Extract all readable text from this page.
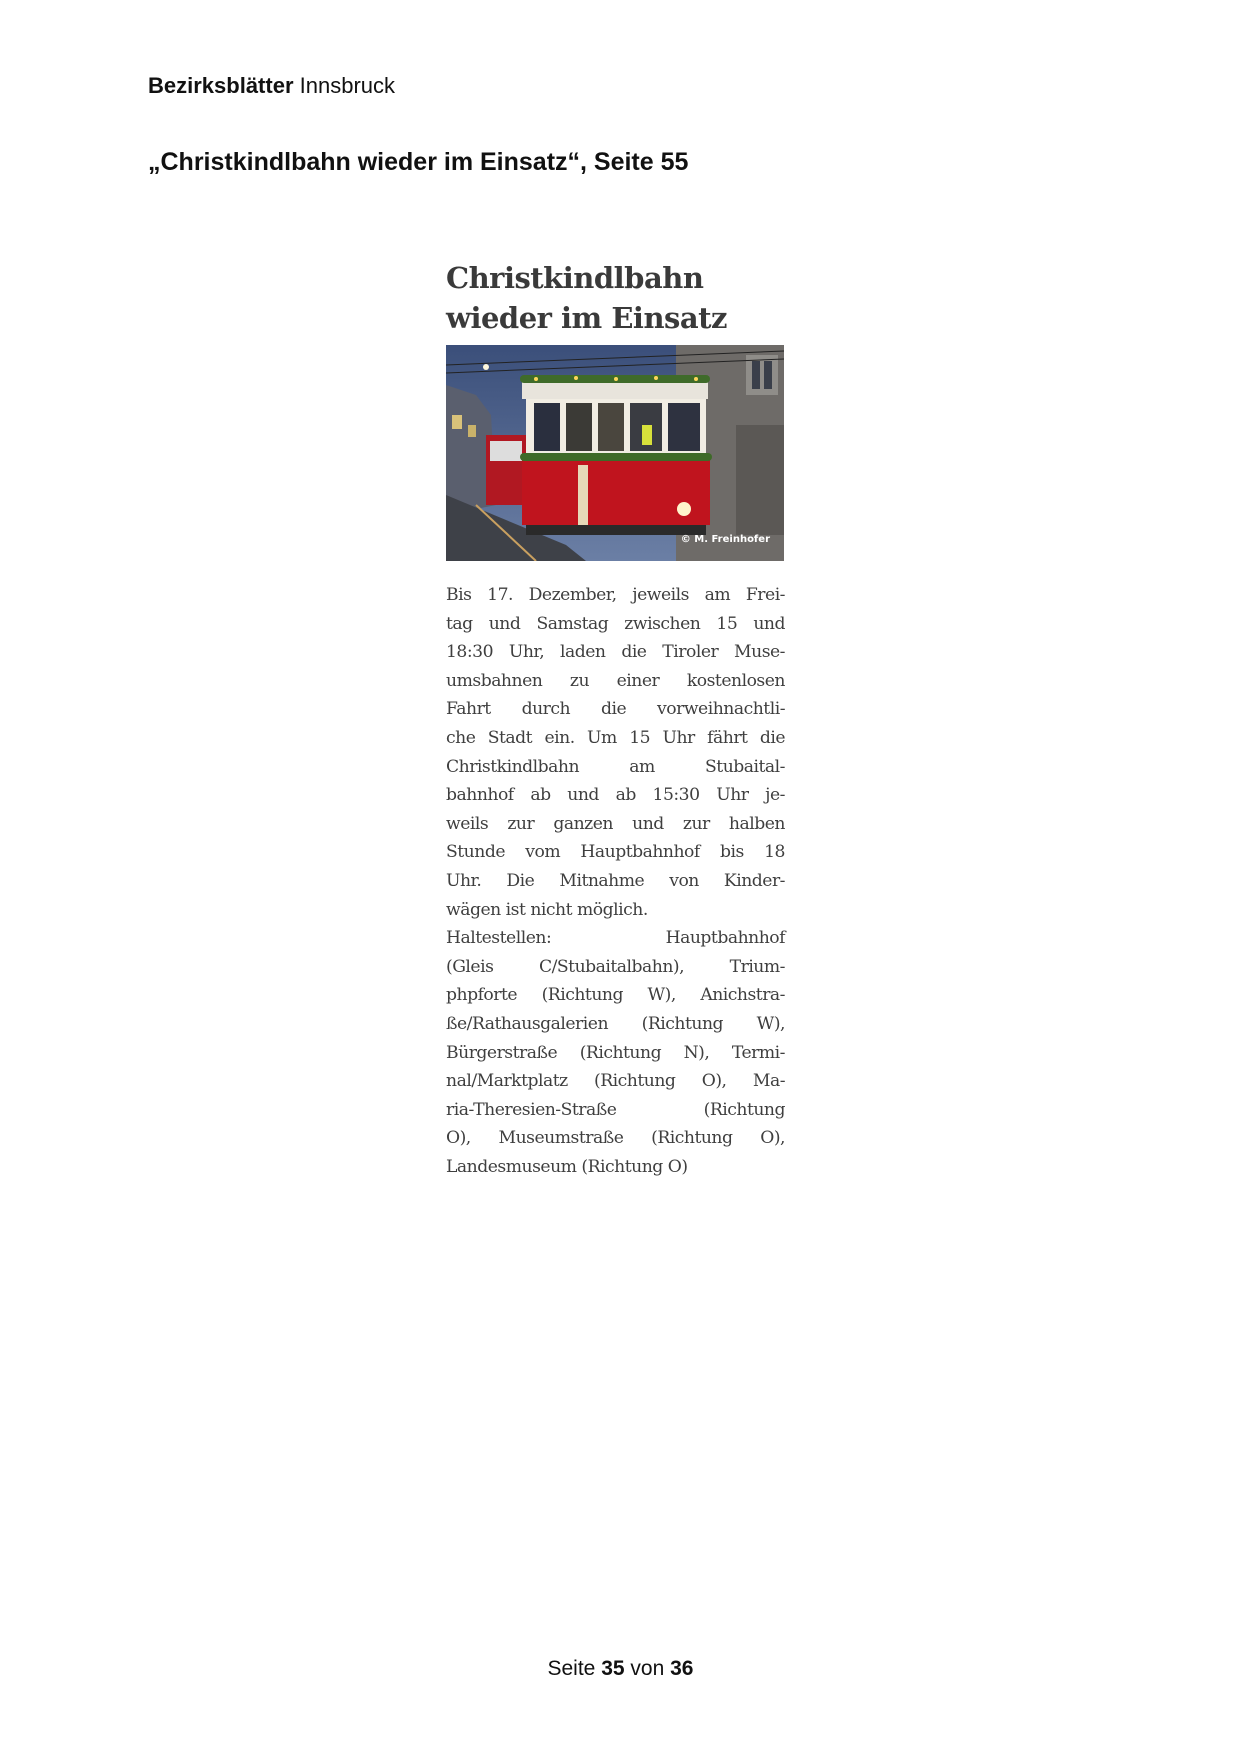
Bezirksblätter Innsbruck
„Christkindlbahn wieder im Einsatz“, Seite 55
Christkindlbahn
wieder im Einsatz
© M. Freinhofer
Bis 17. Dezember, jeweils am Frei-
tag und Samstag zwischen 15 und
18:30 Uhr, laden die Tiroler Muse-
umsbahnen zu einer kostenlosen
Fahrt durch die vorweihnachtli-
che Stadt ein. Um 15 Uhr fährt die
Christkindlbahn am Stubaital-
bahnhof ab und ab 15:30 Uhr je-
weils zur ganzen und zur halben
Stunde vom Hauptbahnhof bis 18
Uhr. Die Mitnahme von Kinder-
wägen ist nicht möglich.
Haltestellen: Hauptbahnhof
(Gleis C/Stubaitalbahn), Trium-
phpforte (Richtung W), Anichstra-
ße/Rathausgalerien (Richtung W),
Bürgerstraße (Richtung N), Termi-
nal/Marktplatz (Richtung O), Ma-
ria-Theresien-Straße (Richtung
O), Museumstraße (Richtung O),
Landesmuseum (Richtung O)
Seite 35 von 36
